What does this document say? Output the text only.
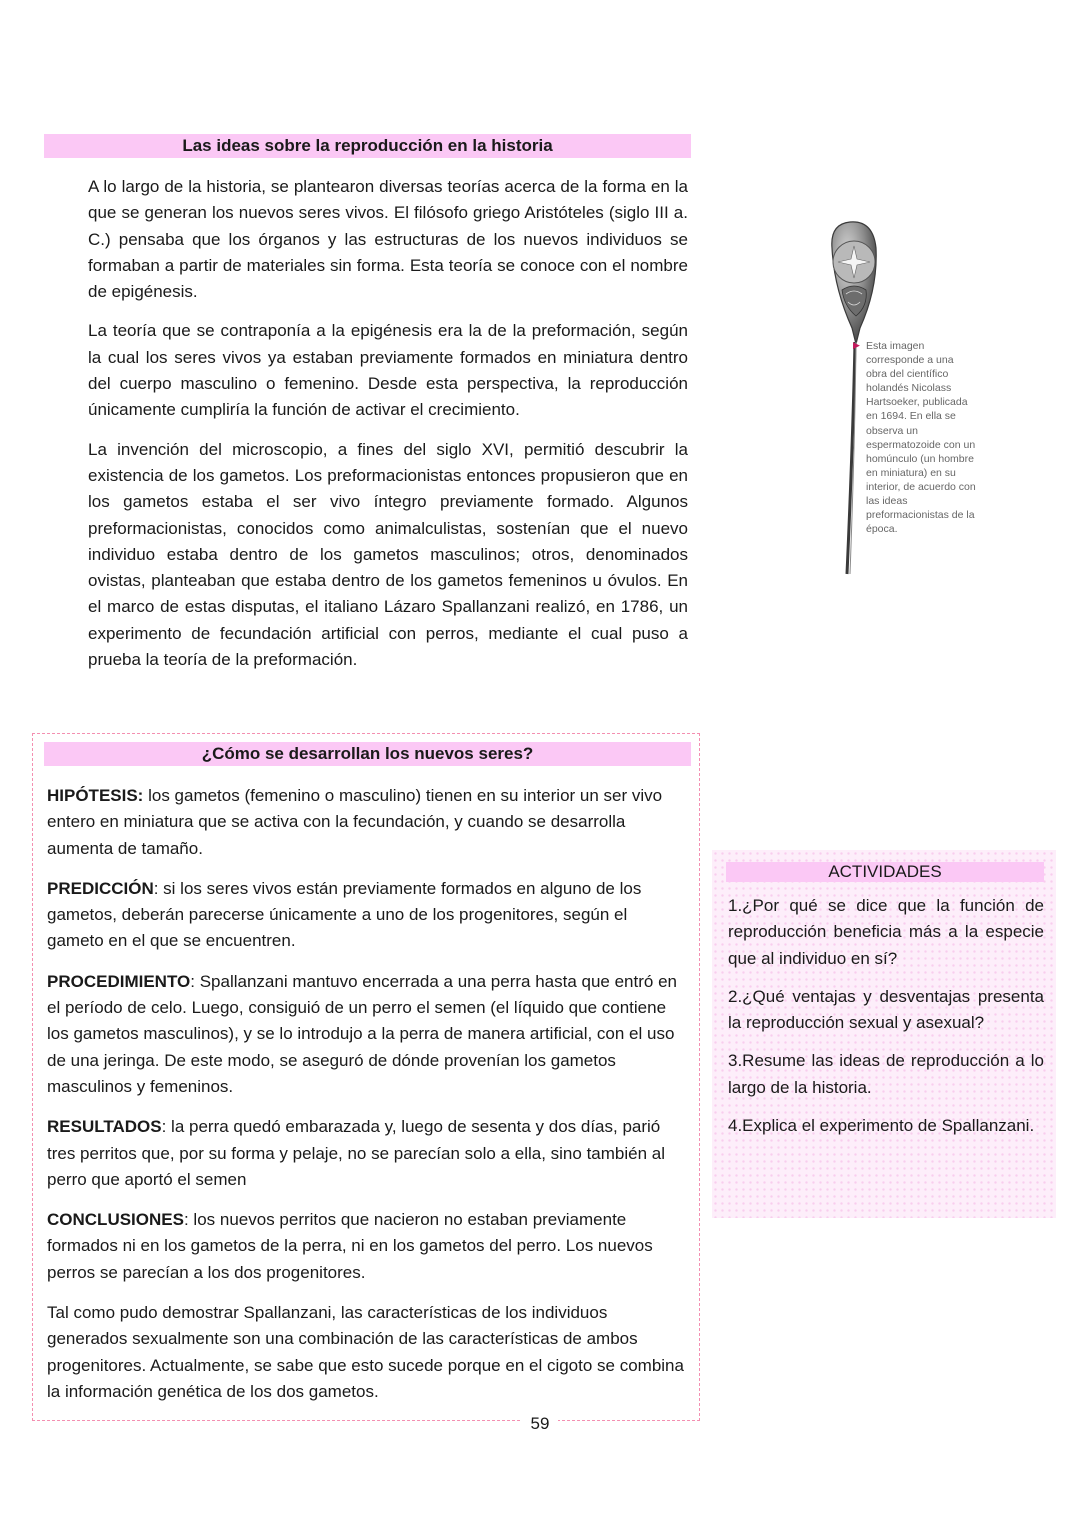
Las ideas sobre la reproducción en la historia

A lo largo de la historia, se plantearon diversas teorías acerca de la forma en la que se generan los nuevos seres vivos. El filósofo griego Aristóteles (siglo III a. C.) pensaba que los órganos y las estructuras de los nuevos individuos se formaban a partir de materiales sin forma. Esta teoría se conoce con el nombre de epigénesis.

La teoría que se contraponía a la epigénesis era la de la preformación, según la cual los seres vivos ya estaban previamente formados en miniatura dentro del cuerpo masculino o femenino. Desde esta perspectiva, la reproducción únicamente cumpliría la función de activar el crecimiento.

La invención del microscopio, a fines del siglo XVI, permitió descubrir la existencia de los gametos. Los preformacionistas entonces propusieron que en los gametos estaba el ser vivo íntegro previamente formado. Algunos preformacionistas, conocidos como animalculistas, sostenían que el nuevo individuo estaba dentro de los gametos masculinos; otros, denominados ovistas, planteaban que estaba dentro de los gametos femeninos u óvulos. En el marco de estas disputas, el italiano Lázaro Spallanzani realizó, en 1786, un experimento de fecundación artificial con perros, mediante el cual puso a prueba la teoría de la preformación.

▶ Esta imagen corresponde a una obra del científico holandés Nicolass Hartsoeker, publicada en 1694. En ella se observa un espermatozoide con un homúnculo (un hombre en miniatura) en su interior, de acuerdo con las ideas preformacionistas de la época.
¿Cómo se desarrollan los nuevos seres?

HIPÓTESIS: los gametos (femenino o masculino) tienen en su interior un ser vivo entero en miniatura que se activa con la fecundación, y cuando se desarrolla aumenta de tamaño.

PREDICCIÓN: si los seres vivos están previamente formados en alguno de los gametos, deberán parecerse únicamente a uno de los progenitores, según el gameto en el que se encuentren.

PROCEDIMIENTO: Spallanzani mantuvo encerrada a una perra hasta que entró en el período de celo. Luego, consiguió de un perro el semen (el líquido que contiene los gametos masculinos), y se lo introdujo a la perra de manera artificial, con el uso de una jeringa. De este modo, se aseguró de dónde provenían los gametos masculinos y femeninos.

RESULTADOS: la perra quedó embarazada y, luego de sesenta y dos días, parió tres perritos que, por su forma y pelaje, no se parecían solo a ella, sino también al perro que aportó el semen

CONCLUSIONES: los nuevos perritos que nacieron no estaban previamente formados ni en los gametos de la perra, ni en los gametos del perro. Los nuevos perros se parecían a los dos progenitores.

Tal como pudo demostrar Spallanzani, las características de los individuos generados sexualmente son una combinación de las características de ambos progenitores. Actualmente, se sabe que esto sucede porque en el cigoto se combina la información genética de los dos gametos.

ACTIVIDADES
1.¿Por qué se dice que la función de reproducción beneficia más a la especie que al individuo en sí?
2.¿Qué ventajas y desventajas presenta la reproducción sexual y asexual?
3.Resume las ideas de reproducción a lo largo de la historia.
4.Explica el experimento de Spallanzani.
59
